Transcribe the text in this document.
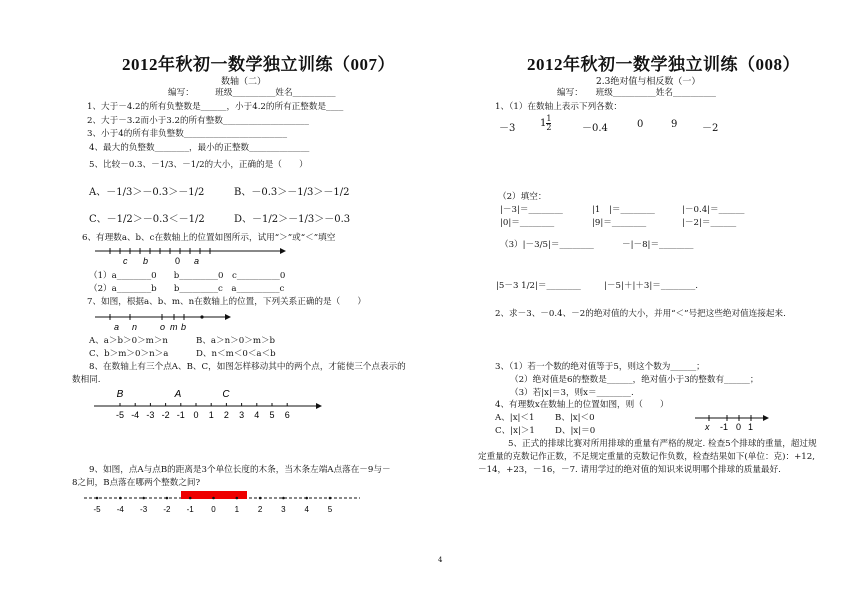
2012年秋初一数学独立训练（007）
数轴（二）
编写：　　　班级__________姓名__________
1、大于－4.2的所有负整数是______，小于4.2的所有正整数是____
2、大于－3.2而小于3.2的所有整数____________________
3、小于4的所有非负整数________________________
4、最大的负整数________，最小的正整数______________
5、比较－0.3、－1/3、－1/2的大小，正确的是（　　）
A、－1/3＞－0.3＞－1/2	B、－0.3＞－1/3＞－1/2
C、－1/2＞－0.3＜－1/2	D、－1/2＞－1/3＞－0.3
6、有理数a、b、c在数轴上的位置如图所示，试用“＞”或“＜”填空
c b	0 a
（1）a________0　　b_________0　c__________0
（2）a________b　　b_________c　a__________c
7、如图，根据a、b、m、n在数轴上的位置，下列关系正确的是（　　）
a n	o m b
A、a＞b＞0＞m＞n	B、a＞n＞0＞m＞b
C、b＞m＞0＞n＞a	D、n＜m＜0＜a＜b
8、在数轴上有三个点A、B、C，如图怎样移动其中的两个点，才能使三个点表示的
数相同.
-5 -4 -3 -2 -1 0 1 2 3 4 5 6
B	A	C
9、如图，点A与点B的距离是3个单位长度的木条，当木条左端A点落在－9与－
8之间，B点落在哪两个整数之间?
-5 -4 -3 -2 -1 0 1 2 3 4 5
2012年秋初一数学独立训练（008）
2.3绝对值与相反数（一）
编写：　　班级__________姓名__________
1、（1）在数轴上表示下列各数：
－3 $1 \frac{1}{2}$	－0.4	0	9 －2
（2）填空：
|－3|＝________	|1　|＝________	|－0.4|＝______
|0|＝________	|9|＝________	|－2|＝______
（3）|－3/5|＝________	－|－8|＝________
|5－3 1/2|＝________	|－5|＋|＋3|＝________.
2、求－3、－0.4、－2的绝对值的大小，并用“＜”号把这些绝对值连接起来.
3、（1）若一个数的绝对值等于5，则这个数为______；
（2）绝对值是6的整数是______，绝对值小于3的整数有______；
（3）若|x|＝3，则x＝________.
4、有理数x在数轴上的位置如图，则（　　）
A、|x|＜1 B、|x|＜0
C、|x|＞1 D、|x|＝0	x -1 0 1
5、正式的排球比赛对所用排球的重量有严格的规定. 检查5个排球的重量，超过规
定重量的克数记作正数，不足规定重量的克数记作负数，检查结果如下(单位：克)：+12,
－14，+23，－16，－7. 请用学过的绝对值的知识来说明哪个排球的质量最好.
4
